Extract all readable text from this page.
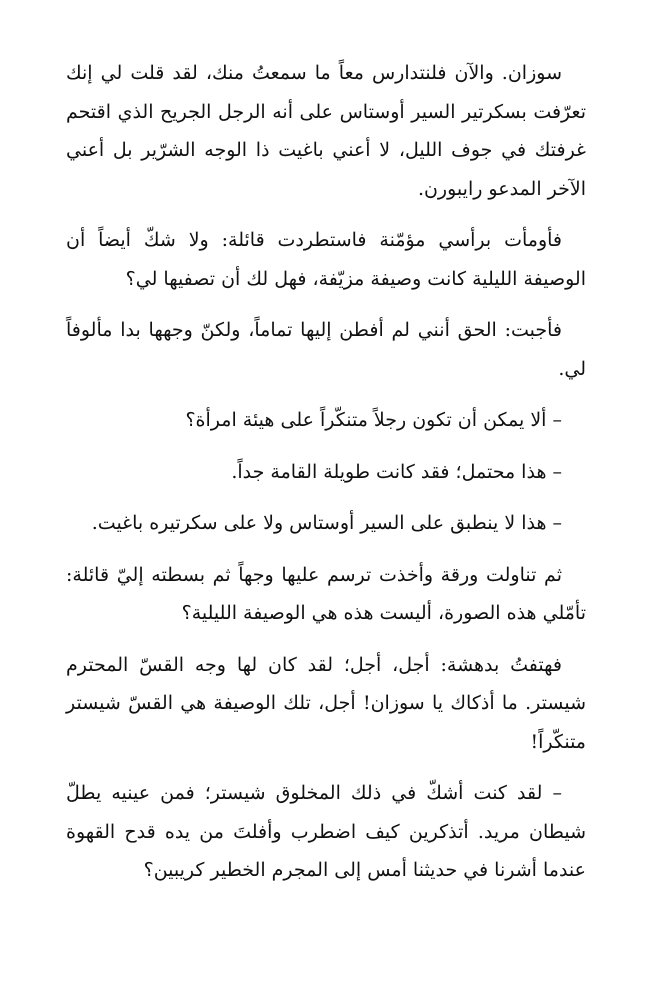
سوزان. والآن فلنتدارس معاً ما سمعتُ منك، لقد قلت لي إنك تعرّفت بسكرتير السير أوستاس على أنه الرجل الجريح الذي اقتحم غرفتك في جوف الليل، لا أعني باغيت ذا الوجه الشرّير بل أعني الآخر المدعو رايبورن.

فأومأت برأسي مؤمّنة فاستطردت قائلة: ولا شكّ أيضاً أن الوصيفة الليلية كانت وصيفة مزيّفة، فهل لك أن تصفيها لي؟

فأجبت: الحق أنني لم أفطن إليها تماماً، ولكنّ وجهها بدا مألوفاً لي.

– ألا يمكن أن تكون رجلاً متنكّراً على هيئة امرأة؟

– هذا محتمل؛ فقد كانت طويلة القامة جداً.

– هذا لا ينطبق على السير أوستاس ولا على سكرتيره باغيت.

ثم تناولت ورقة وأخذت ترسم عليها وجهاً ثم بسطته إليّ قائلة: تأمّلي هذه الصورة، أليست هذه هي الوصيفة الليلية؟

فهتفتُ بدهشة: أجل، أجل؛ لقد كان لها وجه القسّ المحترم شيستر. ما أذكاك يا سوزان! أجل، تلك الوصيفة هي القسّ شيستر متنكّراً!

– لقد كنت أشكّ في ذلك المخلوق شيستر؛ فمن عينيه يطلّ شيطان مريد. أتذكرين كيف اضطرب وأفلتَ من يده قدح القهوة عندما أشرنا في حديثنا أمس إلى المجرم الخطير كريبين؟
